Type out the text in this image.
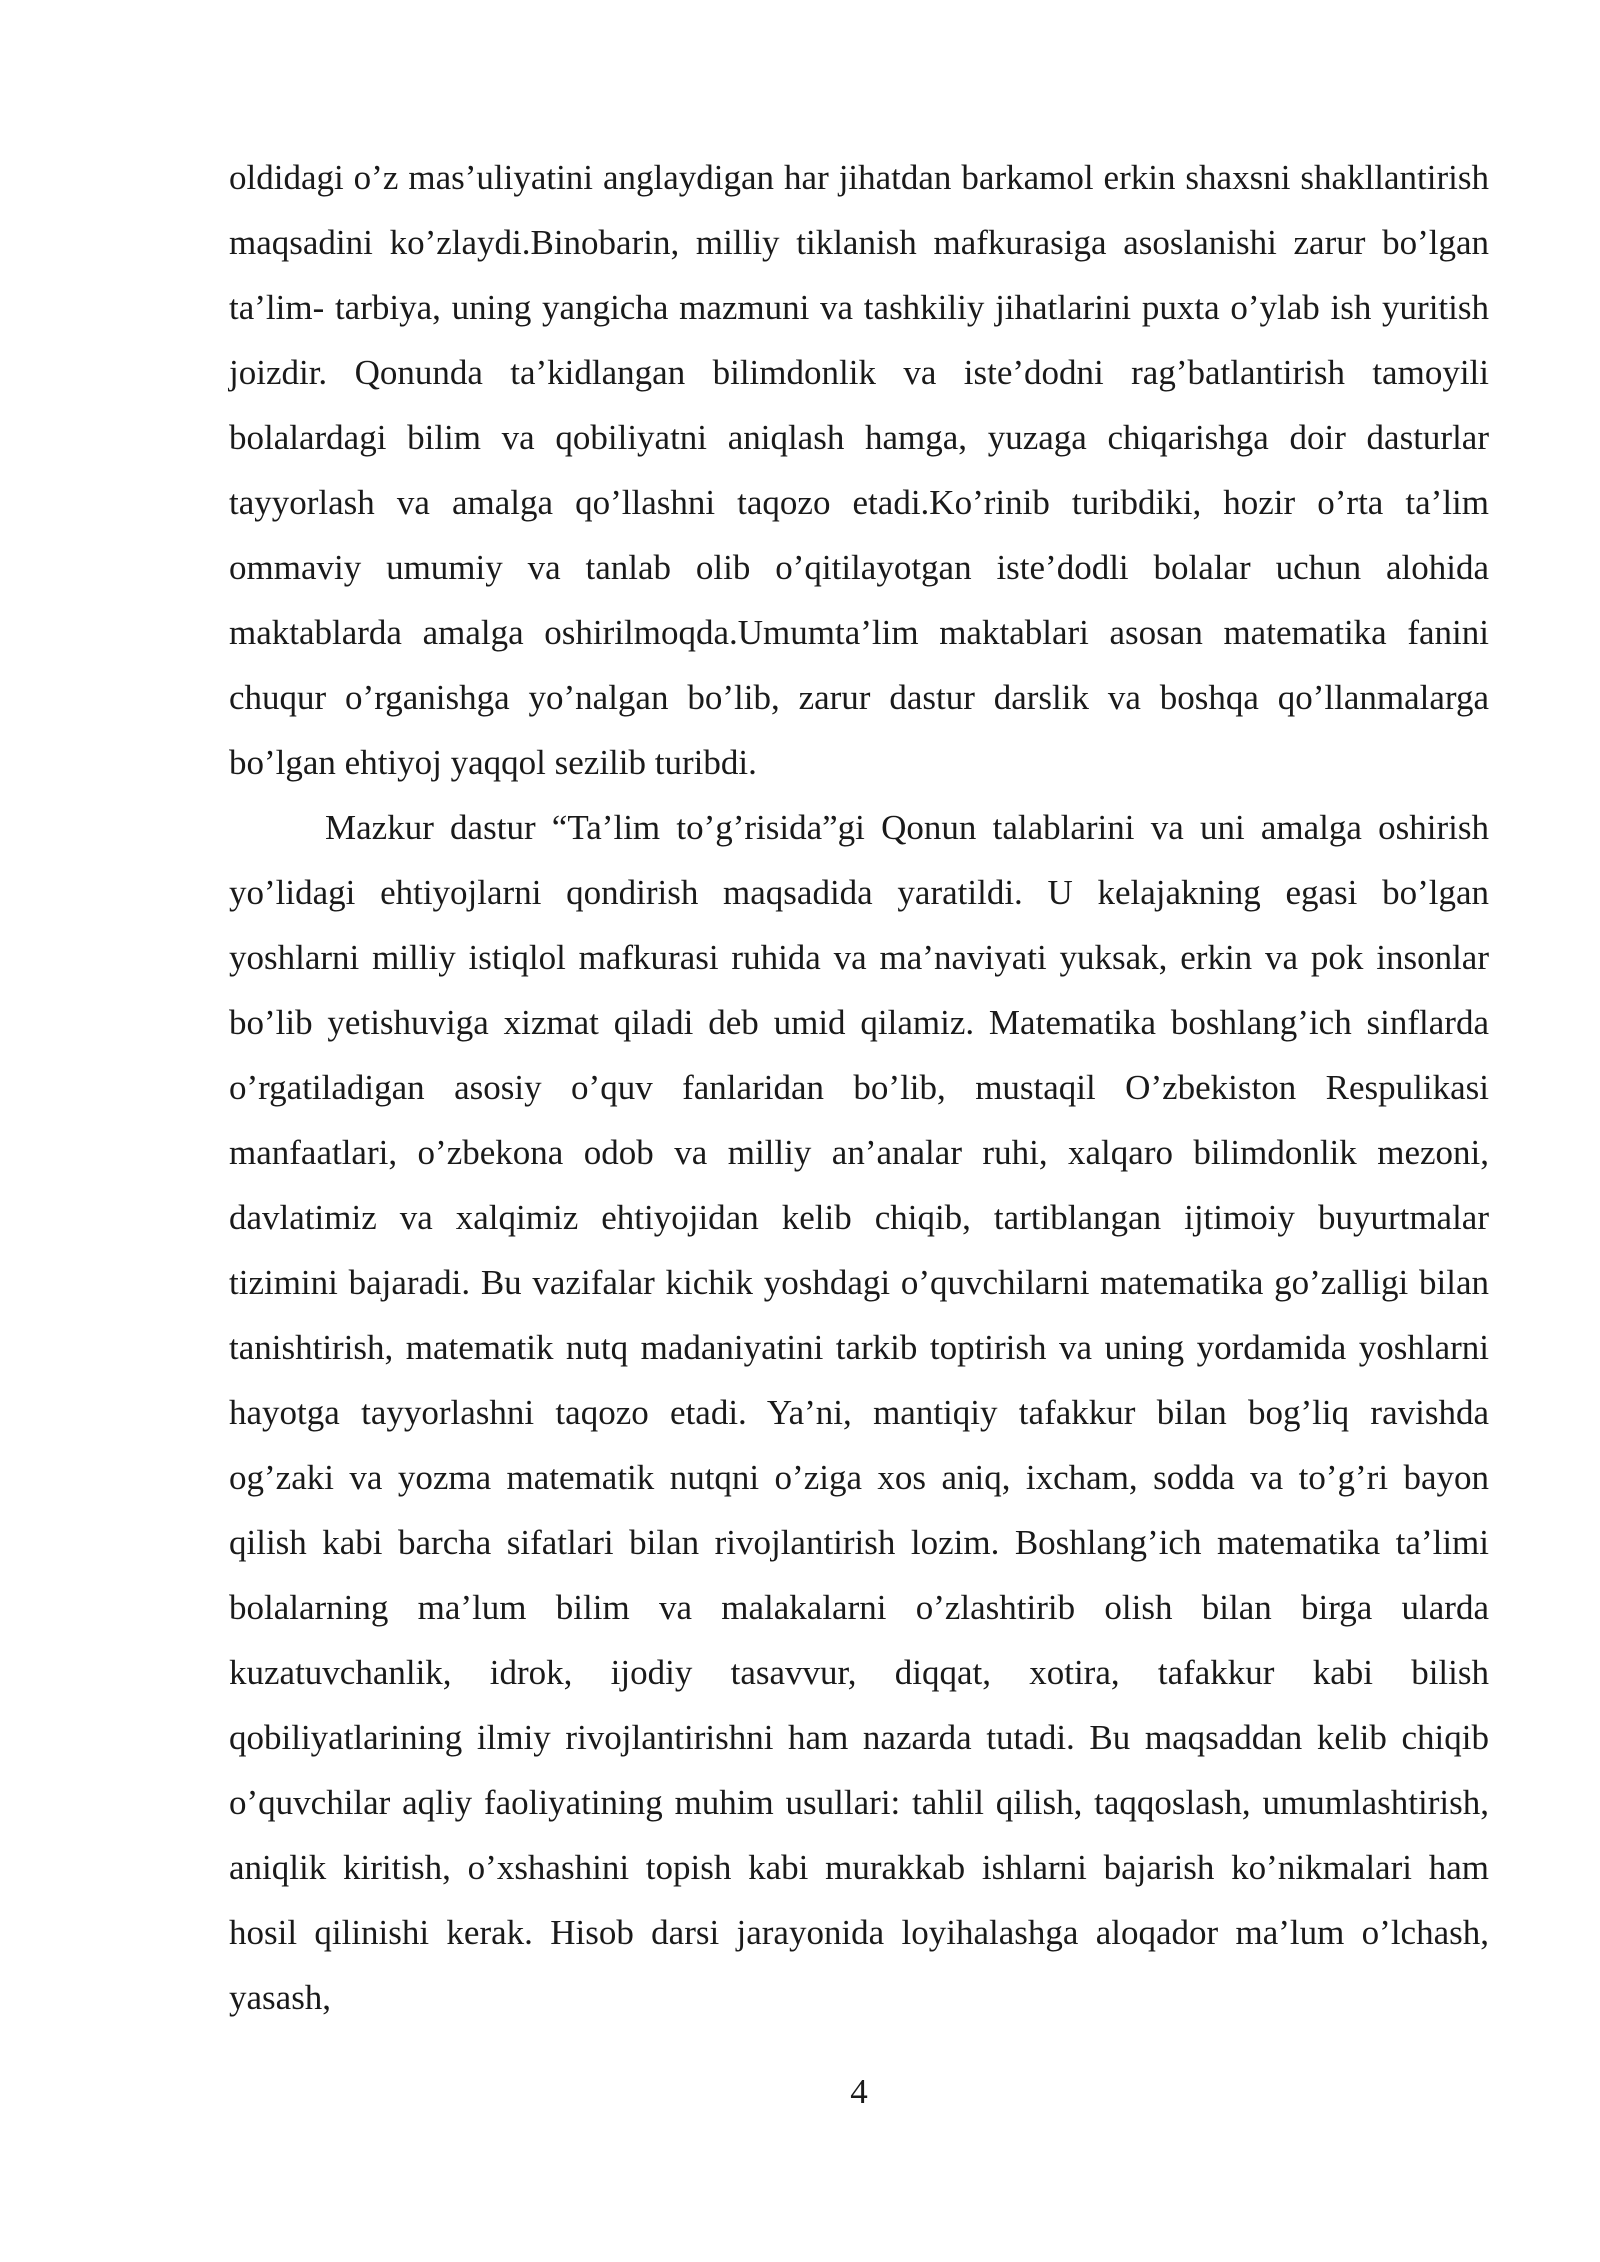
oldidagi o’z mas’uliyatini anglaydigan har jihatdan barkamol erkin shaxsni shakllantirish maqsadini ko’zlaydi.Binobarin, milliy tiklanish mafkurasiga asoslanishi zarur bo’lgan ta’lim- tarbiya, uning yangicha mazmuni va tashkiliy jihatlarini puxta o’ylab ish yuritish joizdir. Qonunda ta’kidlangan bilimdonlik va iste’dodni rag’batlantirish tamoyili bolalardagi bilim va qobiliyatni aniqlash hamga, yuzaga chiqarishga doir dasturlar tayyorlash va amalga qo’llashni taqozo etadi.Ko’rinib turibdiki, hozir o’rta ta’lim ommaviy umumiy va tanlab olib o’qitilayotgan iste’dodli bolalar uchun alohida maktablarda amalga oshirilmoqda.Umumta’lim maktablari asosan matematika fanini chuqur o’rganishga yo’nalgan bo’lib, zarur dastur darslik va boshqa qo’llanmalarga bo’lgan ehtiyoj yaqqol sezilib turibdi.

Mazkur dastur “Ta’lim to’g’risida”gi Qonun talablarini va uni amalga oshirish yo’lidagi ehtiyojlarni qondirish maqsadida yaratildi. U kelajakning egasi bo’lgan yoshlarni milliy istiqlol mafkurasi ruhida va ma’naviyati yuksak, erkin va pok insonlar bo’lib yetishuviga xizmat qiladi deb umid qilamiz. Matematika boshlang’ich sinflarda o’rgatiladigan asosiy o’quv fanlaridan bo’lib, mustaqil O’zbekiston Respulikasi manfaatlari, o’zbekona odob va milliy an’analar ruhi, xalqaro bilimdonlik mezoni, davlatimiz va xalqimiz ehtiyojidan kelib chiqib, tartiblangan ijtimoiy buyurtmalar tizimini bajaradi. Bu vazifalar kichik yoshdagi o’quvchilarni matematika go’zalligi bilan tanishtirish, matematik nutq madaniyatini tarkib toptirish va uning yordamida yoshlarni hayotga tayyorlashni taqozo etadi. Ya’ni, mantiqiy tafakkur bilan bog’liq ravishda og’zaki va yozma matematik nutqni o’ziga xos aniq, ixcham, sodda va to’g’ri bayon qilish kabi barcha sifatlari bilan rivojlantirish lozim. Boshlang’ich matematika ta’limi bolalarning ma’lum bilim va malakalarni o’zlashtirib olish bilan birga ularda kuzatuvchanlik, idrok, ijodiy tasavvur, diqqat, xotira, tafakkur kabi bilish qobiliyatlarining ilmiy rivojlantirishni ham nazarda tutadi. Bu maqsaddan kelib chiqib o’quvchilar aqliy faoliyatining muhim usullari: tahlil qilish, taqqoslash, umumlashtirish, aniqlik kiritish, o’xshashini topish kabi murakkab ishlarni bajarish ko’nikmalari ham hosil qilinishi kerak. Hisob darsi jarayonida loyihalashga aloqador ma’lum o’lchash, yasash,

4
